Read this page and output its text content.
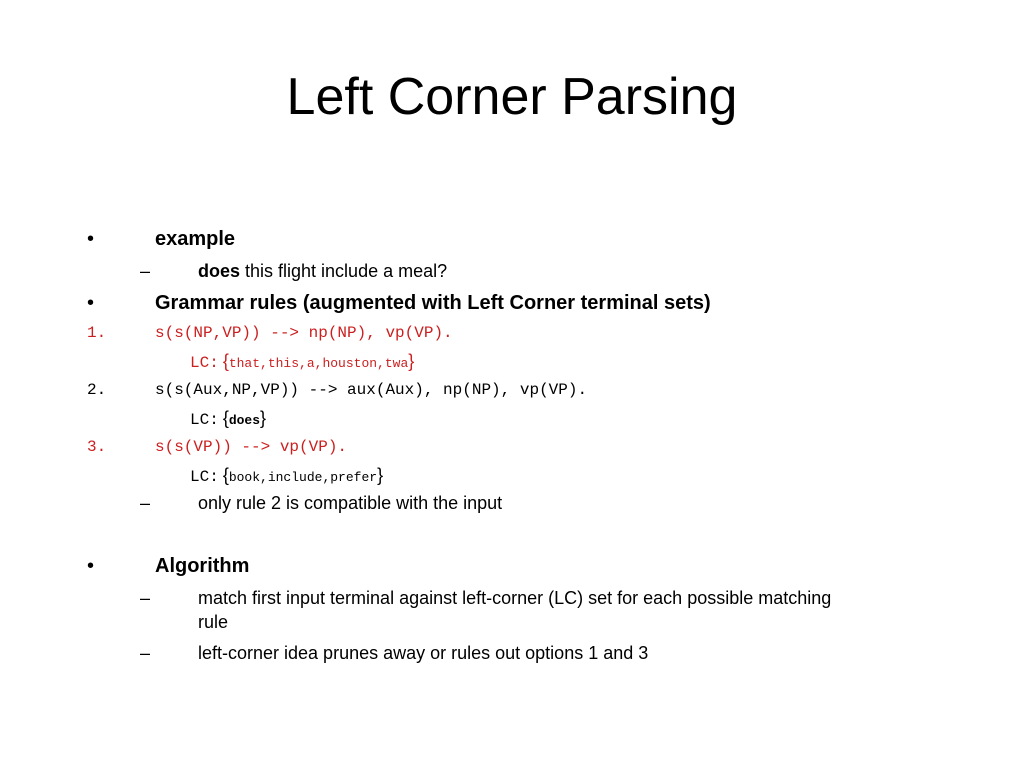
Left Corner Parsing
•	example
–	does this flight include a meal?
•	Grammar rules (augmented with Left Corner terminal sets)
1.	s(s(NP,VP)) --> np(NP), vp(VP).
LC: {that,this,a,houston,twa}
2.	s(s(Aux,NP,VP)) --> aux(Aux), np(NP), vp(VP).
LC: {does}
3.	s(s(VP)) --> vp(VP).
LC: {book,include,prefer}
–	only rule 2 is compatible with the input
•	Algorithm
–	match first input terminal against left-corner (LC) set for each possible matching
rule
–	left-corner idea prunes away or rules out options 1 and 3
